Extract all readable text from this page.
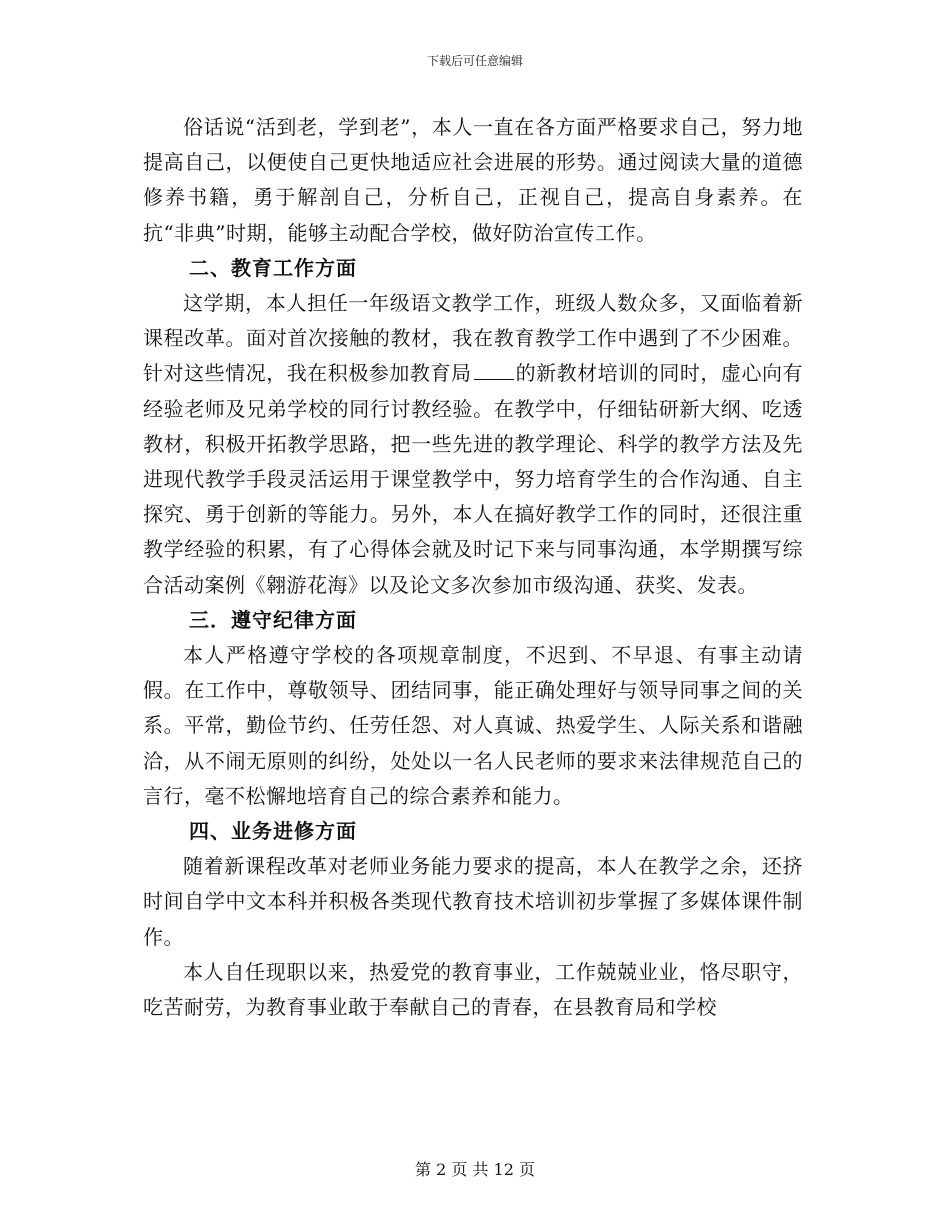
下载后可任意编辑

俗话说“活到老，学到老”，本人一直在各方面严格要求自己，努力地提高自己，以便使自己更快地适应社会进展的形势。通过阅读大量的道德修养书籍，勇于解剖自己，分析自己，正视自己，提高自身素养。在抗“非典”时期，能够主动配合学校，做好防治宣传工作。

二、教育工作方面

这学期，本人担任一年级语文教学工作，班级人数众多，又面临着新课程改革。面对首次接触的教材，我在教育教学工作中遇到了不少困难。针对这些情况，我在积极参加教育局 的新教材培训的同时，虚心向有经验老师及兄弟学校的同行讨教经验。在教学中，仔细钻研新大纲、吃透教材，积极开拓教学思路，把一些先进的教学理论、科学的教学方法及先进现代教学手段灵活运用于课堂教学中，努力培育学生的合作沟通、自主探究、勇于创新的等能力。另外，本人在搞好教学工作的同时，还很注重教学经验的积累，有了心得体会就及时记下来与同事沟通，本学期撰写综合活动案例《翱游花海》以及论文多次参加市级沟通、获奖、发表。

三．遵守纪律方面

本人严格遵守学校的各项规章制度，不迟到、不早退、有事主动请假。在工作中，尊敬领导、团结同事，能正确处理好与领导同事之间的关系。平常，勤俭节约、任劳任怨、对人真诚、热爱学生、人际关系和谐融洽，从不闹无原则的纠纷，处处以一名人民老师的要求来法律规范自己的言行，毫不松懈地培育自己的综合素养和能力。

四、业务进修方面

随着新课程改革对老师业务能力要求的提高，本人在教学之余，还挤时间自学中文本科并积极各类现代教育技术培训初步掌握了多媒体课件制作。

本人自任现职以来，热爱党的教育事业，工作兢兢业业，恪尽职守，吃苦耐劳，为教育事业敢于奉献自己的青春，在县教育局和学校

第 2 页 共 12 页
